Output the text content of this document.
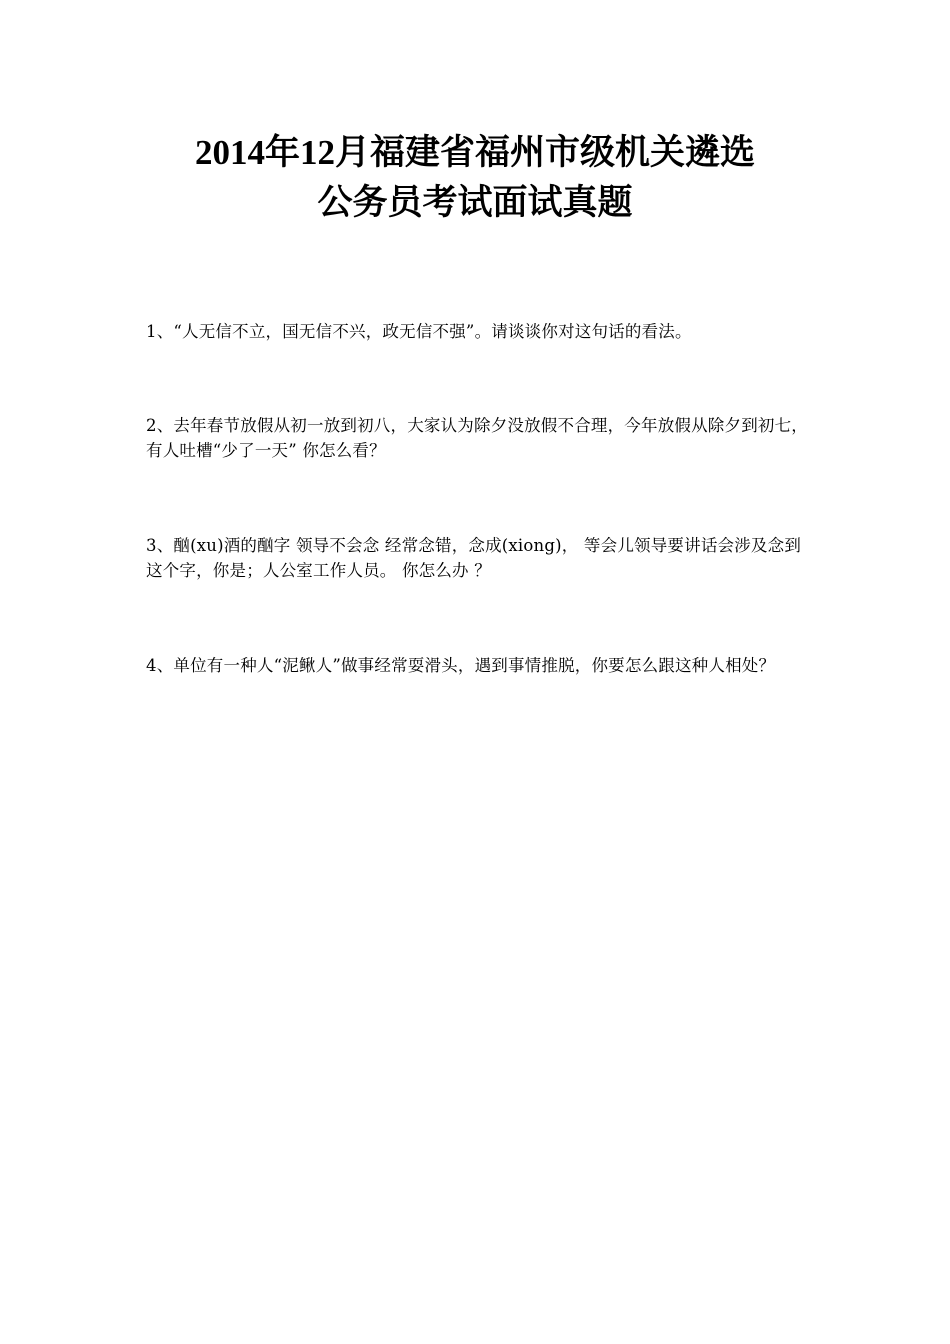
2014年12月福建省福州市级机关遴选
公务员考试面试真题

1、“人无信不立，国无信不兴，政无信不强”。请谈谈你对这句话的看法。

2、去年春节放假从初一放到初八，大家认为除夕没放假不合理，今年放假从除夕到初七，有人吐槽“少了一天” 你怎么看？

3、酗(xu)酒的酗字 领导不会念 经常念错，念成(xiong)， 等会儿领导要讲话会涉及念到这个字，你是；人公室工作人员。 你怎么办 ？

4、单位有一种人“泥鳅人”做事经常耍滑头，遇到事情推脱，你要怎么跟这种人相处？
